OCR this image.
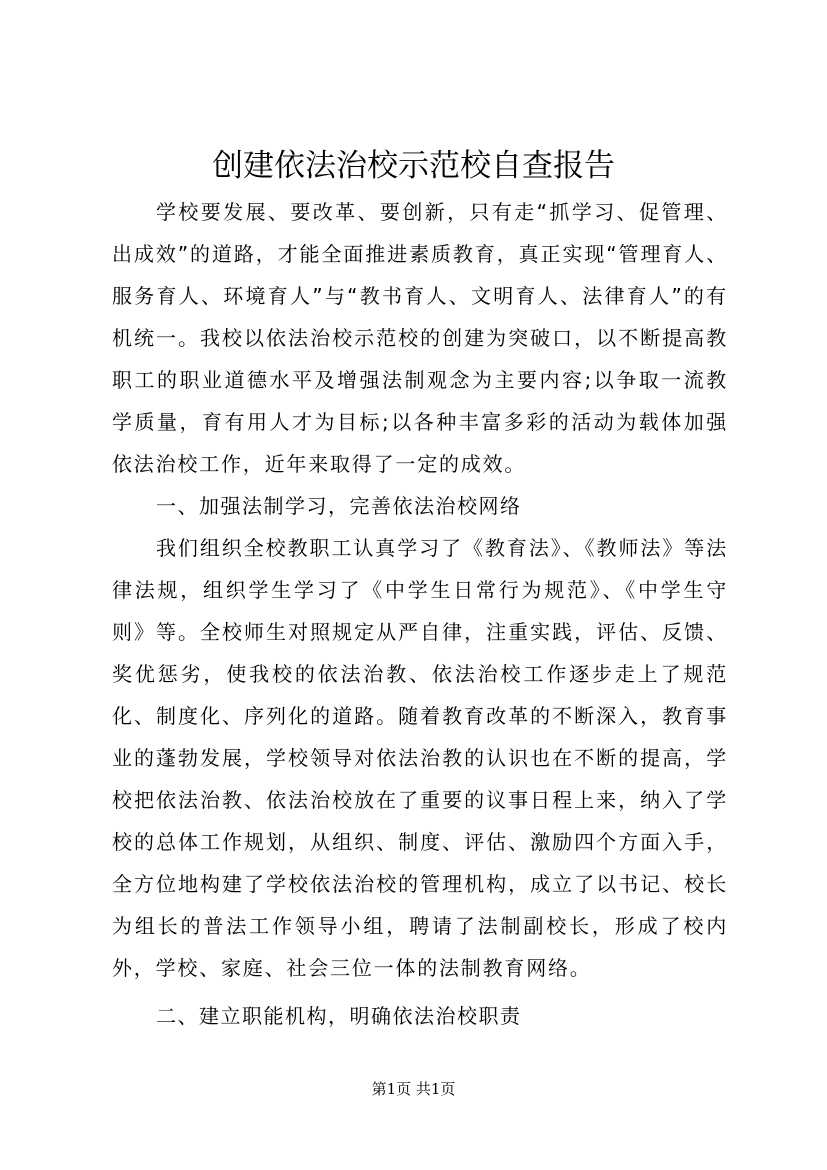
创建依法治校示范校自查报告

学校要发展、要改革、要创新，只有走“抓学习、促管理、出成效”的道路，才能全面推进素质教育，真正实现“管理育人、服务育人、环境育人”与“教书育人、文明育人、法律育人”的有机统一。我校以依法治校示范校的创建为突破口，以不断提高教职工的职业道德水平及增强法制观念为主要内容;以争取一流教学质量，育有用人才为目标;以各种丰富多彩的活动为载体加强依法治校工作，近年来取得了一定的成效。

一、加强法制学习，完善依法治校网络

我们组织全校教职工认真学习了《教育法》、《教师法》等法律法规，组织学生学习了《中学生日常行为规范》、《中学生守则》等。全校师生对照规定从严自律，注重实践，评估、反馈、奖优惩劣，使我校的依法治教、依法治校工作逐步走上了规范化、制度化、序列化的道路。随着教育改革的不断深入，教育事业的蓬勃发展，学校领导对依法治教的认识也在不断的提高，学校把依法治教、依法治校放在了重要的议事日程上来，纳入了学校的总体工作规划，从组织、制度、评估、激励四个方面入手，全方位地构建了学校依法治校的管理机构，成立了以书记、校长为组长的普法工作领导小组，聘请了法制副校长，形成了校内外，学校、家庭、社会三位一体的法制教育网络。

二、建立职能机构，明确依法治校职责

第1页 共1页
